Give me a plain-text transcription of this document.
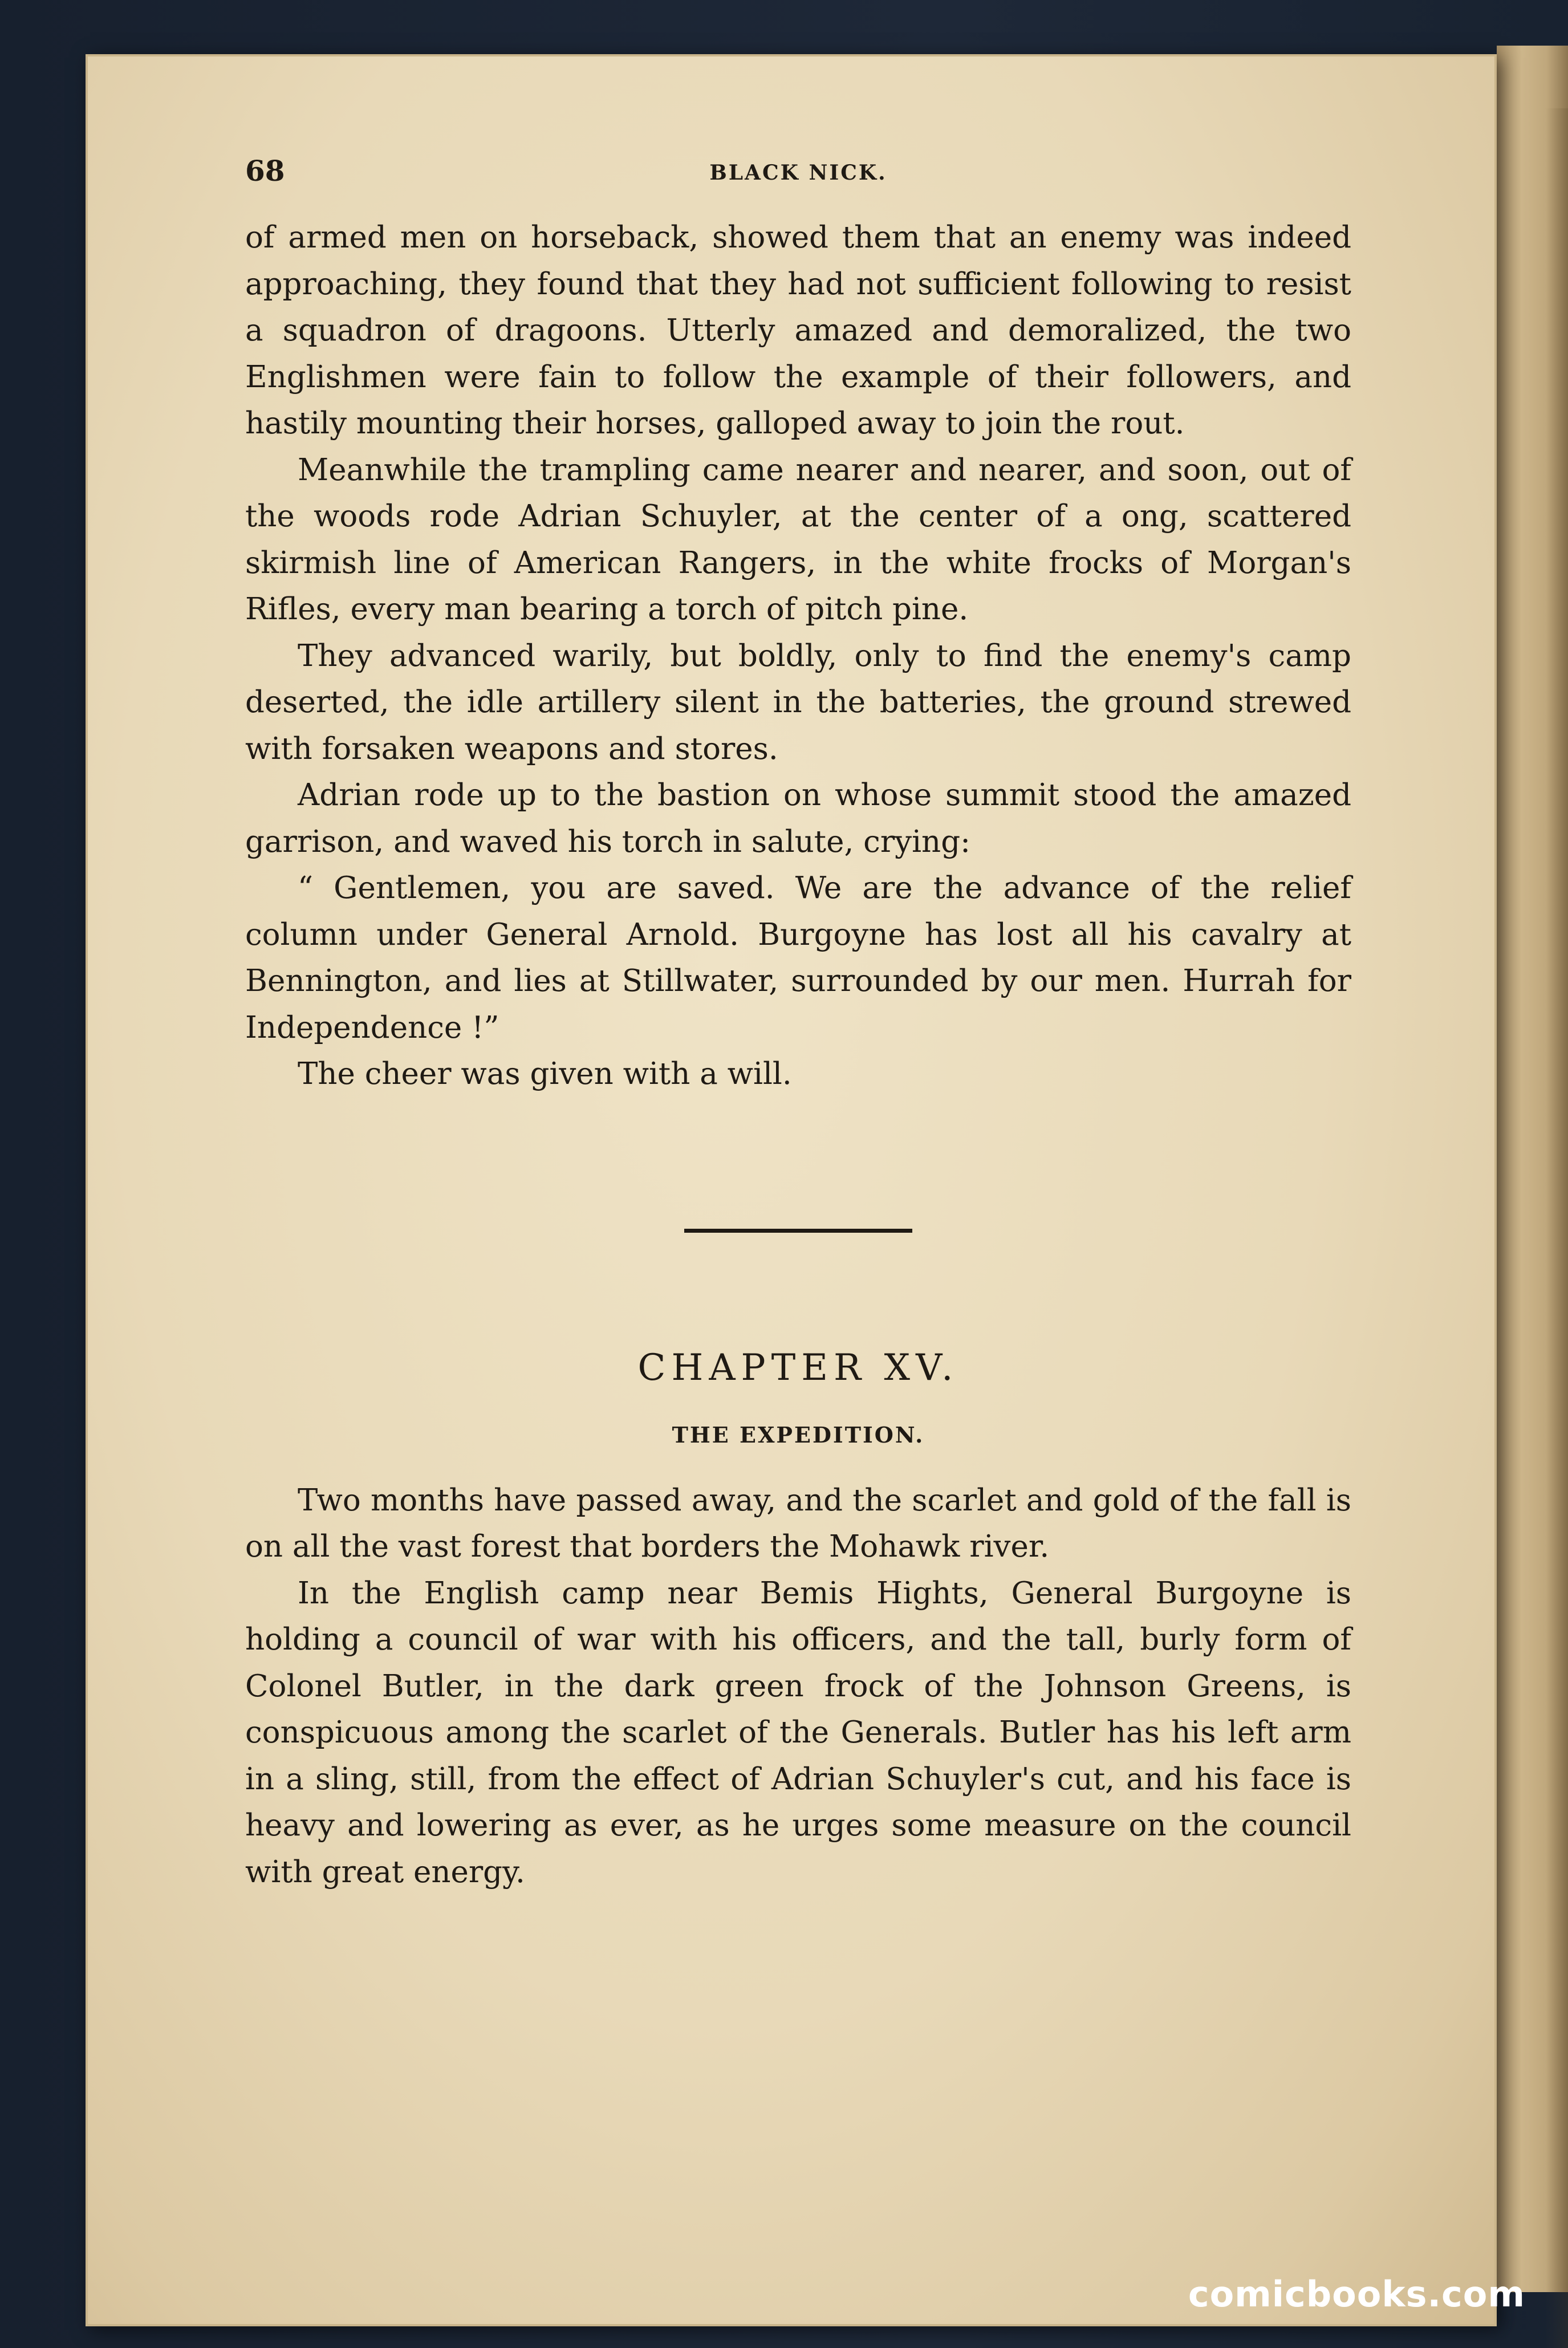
68	BLACK NICK.

of armed men on horseback, showed them that an enemy was indeed approaching, they found that they had not sufficient following to resist a squadron of dragoons. Utterly amazed and demoralized, the two Englishmen were fain to follow the example of their followers, and hastily mounting their horses, galloped away to join the rout.

Meanwhile the trampling came nearer and nearer, and soon, out of the woods rode Adrian Schuyler, at the center of a ong, scattered skirmish line of American Rangers, in the white frocks of Morgan's Rifles, every man bearing a torch of pitch pine.

They advanced warily, but boldly, only to find the enemy's camp deserted, the idle artillery silent in the batteries, the ground strewed with forsaken weapons and stores.

Adrian rode up to the bastion on whose summit stood the amazed garrison, and waved his torch in salute, crying:

“ Gentlemen, you are saved. We are the advance of the relief column under General Arnold. Burgoyne has lost all his cavalry at Bennington, and lies at Stillwater, surrounded by our men. Hurrah for Independence !”

The cheer was given with a will.

CHAPTER XV.
THE EXPEDITION.

Two months have passed away, and the scarlet and gold of the fall is on all the vast forest that borders the Mohawk river.

In the English camp near Bemis Hights, General Burgoyne is holding a council of war with his officers, and the tall, burly form of Colonel Butler, in the dark green frock of the Johnson Greens, is conspicuous among the scarlet of the Generals. Butler has his left arm in a sling, still, from the effect of Adrian Schuyler's cut, and his face is heavy and lowering as ever, as he urges some measure on the council with great energy.

comicbooks.com
